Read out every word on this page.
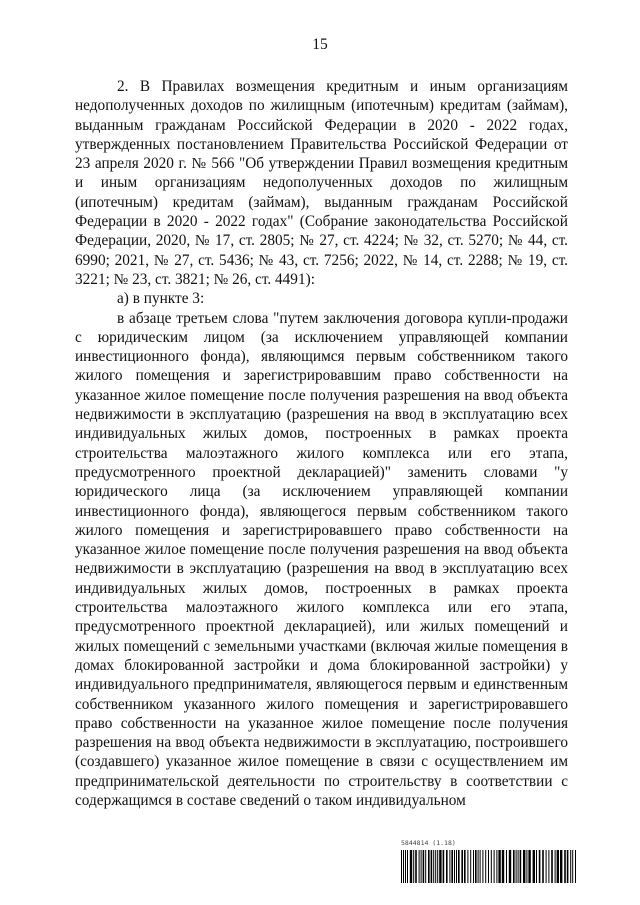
15

2. В Правилах возмещения кредитным и иным организациям недополученных доходов по жилищным (ипотечным) кредитам (займам), выданным гражданам Российской Федерации в 2020 - 2022 годах, утвержденных постановлением Правительства Российской Федерации от 23 апреля 2020 г. № 566 "Об утверждении Правил возмещения кредитным и иным организациям недополученных доходов по жилищным (ипотечным) кредитам (займам), выданным гражданам Российской Федерации в 2020 - 2022 годах" (Собрание законодательства Российской Федерации, 2020, № 17, ст. 2805; № 27, ст. 4224; № 32, ст. 5270; № 44, ст. 6990; 2021, № 27, ст. 5436; № 43, ст. 7256; 2022, № 14, ст. 2288; № 19, ст. 3221; № 23, ст. 3821; № 26, ст. 4491):

а) в пункте 3:

в абзаце третьем слова "путем заключения договора купли-продажи с юридическим лицом (за исключением управляющей компании инвестиционного фонда), являющимся первым собственником такого жилого помещения и зарегистрировавшим право собственности на указанное жилое помещение после получения разрешения на ввод объекта недвижимости в эксплуатацию (разрешения на ввод в эксплуатацию всех индивидуальных жилых домов, построенных в рамках проекта строительства малоэтажного жилого комплекса или его этапа, предусмотренного проектной декларацией)" заменить словами "у юридического лица (за исключением управляющей компании инвестиционного фонда), являющегося первым собственником такого жилого помещения и зарегистрировавшего право собственности на указанное жилое помещение после получения разрешения на ввод объекта недвижимости в эксплуатацию (разрешения на ввод в эксплуатацию всех индивидуальных жилых домов, построенных в рамках проекта строительства малоэтажного жилого комплекса или его этапа, предусмотренного проектной декларацией), или жилых помещений и жилых помещений с земельными участками (включая жилые помещения в домах блокированной застройки и дома блокированной застройки) у индивидуального предпринимателя, являющегося первым и единственным собственником указанного жилого помещения и зарегистрировавшего право собственности на указанное жилое помещение после получения разрешения на ввод объекта недвижимости в эксплуатацию, построившего (создавшего) указанное жилое помещение в связи с осуществлением им предпринимательской деятельности по строительству в соответствии с содержащимся в составе сведений о таком индивидуальном

5844814 (1.18)
